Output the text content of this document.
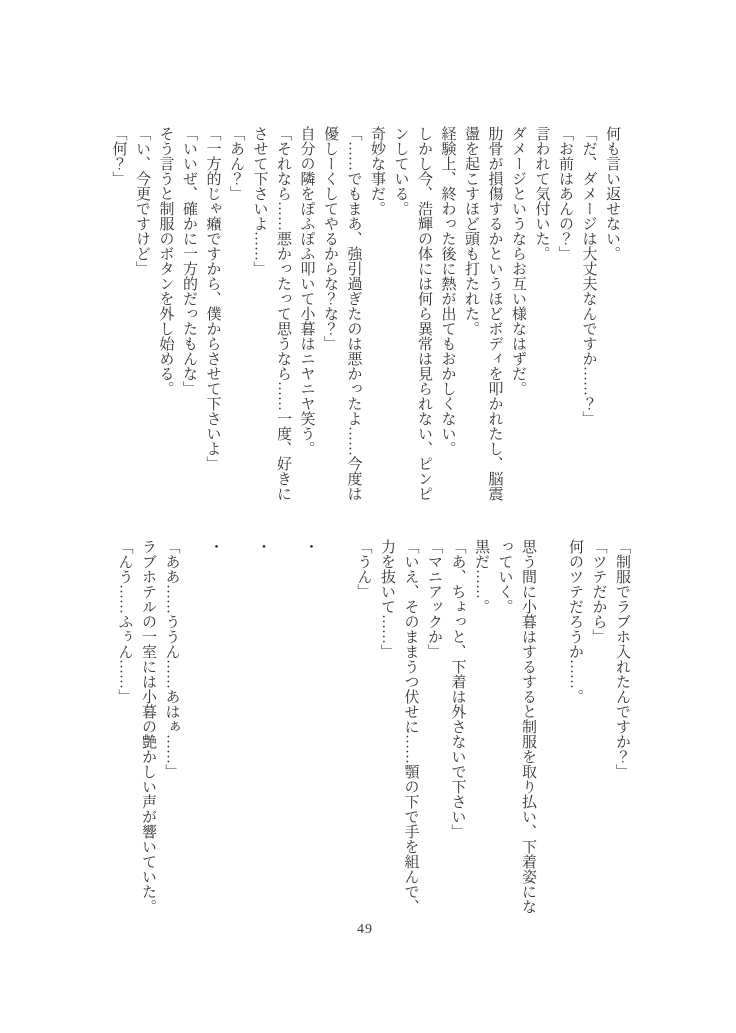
何も言い返せない。
「だ、ダメージは大丈夫なんですか……？」
「お前はあんの？」
言われて気付いた。
ダメージというならお互い様なはずだ。
肋骨が損傷するかというほどボディを叩かれたし、脳震
盪を起こすほど頭も打たれた。
経験上、終わった後に熱が出てもおかしくない。
しかし今、浩輝の体には何ら異常は見られない、ピンピ
ンしている。
奇妙な事だ。
「……でもまあ、強引過ぎたのは悪かったよ……今度は
優しーくしてやるからな？な？」
自分の隣をぽふぽふ叩いて小暮はニヤニヤ笑う。
「それなら……悪かったって思うなら……一度、好きに
させて下さいよ……」
「あん？」
「一方的じゃ癪ですから、僕からさせて下さいよ」
「いいぜ、確かに一方的だったもんな」
そう言うと制服のボタンを外し始める。
「い、今更ですけど」
「何？」
「制服でラブホ入れたんですか？」
「ツテだから」
何のツテだろうか……。
思う間に小暮はするすると制服を取り払い、下着姿にな
っていく。
黒だ……。
「あ、ちょっと、下着は外さないで下さい」
「マニアックか」
「いえ、そのままうつ伏せに……顎の下で手を組んで、
力を抜いて……」
「うん」
・
・
・
「ああ……ううん……あはぁ……」
ラブホテルの一室には小暮の艶かしい声が響いていた。
「んう……ふぅん……」
49
